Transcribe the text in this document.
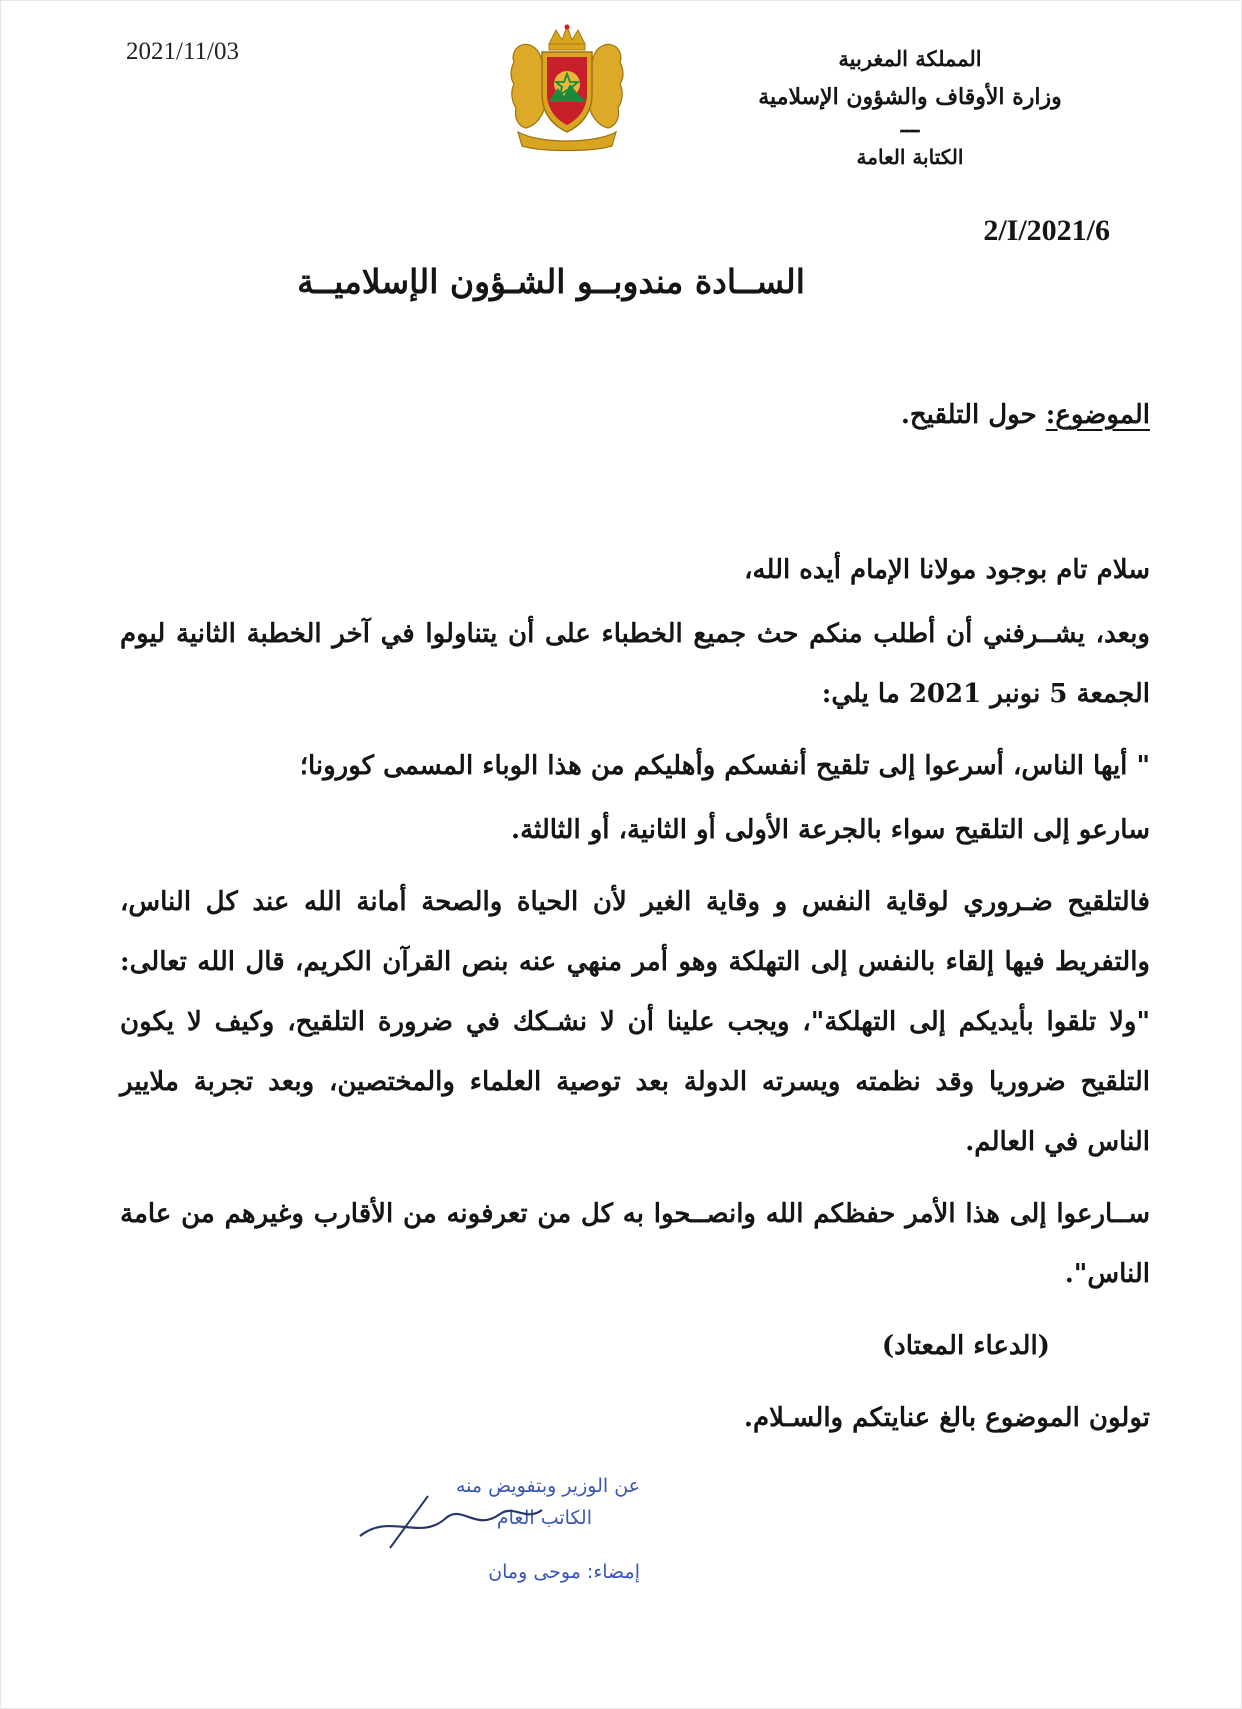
2021/11/03	المملكة المغربية
وزارة الأوقاف والشؤون الإسلامية
ـــ
الكتابة العامة
2/I/2021/6
الســادة مندوبــو الشـؤون الإسلاميــة
الموضوع: حول التلقيح.

سلام تام بوجود مولانا الإمام أيده الله،

وبعد، يشــرفني أن أطلب منكم حث جميع الخطباء على أن يتناولوا في آخر الخطبة الثانية ليوم الجمعة 5 نونبر 2021 ما يلي:

" أيها الناس، أسرعوا إلى تلقيح أنفسكم وأهليكم من هذا الوباء المسمى كورونا؛

سارعو إلى التلقيح سواء بالجرعة الأولى أو الثانية، أو الثالثة.

فالتلقيح ضـروري لوقاية النفس و وقاية الغير لأن الحياة والصحة أمانة الله عند كل الناس، والتفريط فيها إلقاء بالنفس إلى التهلكة وهو أمر منهي عنه بنص القرآن الكريم، قال الله تعالى: "ولا تلقوا بأيديكم إلى التهلكة"، ويجب علينا أن لا نشـكك في ضرورة التلقيح، وكيف لا يكون التلقيح ضروريا وقد نظمته ويسرته الدولة بعد توصية العلماء والمختصين، وبعد تجربة ملايير الناس في العالم.

ســارعوا إلى هذا الأمر حفظكم الله وانصــحوا به كل من تعرفونه من الأقارب وغيرهم من عامة الناس".

(الدعاء المعتاد)

تولون الموضوع بالغ عنايتكم والسـلام.

عن الوزير وبتفويض منه
الكاتب العام
إمضاء: موحى ومان
